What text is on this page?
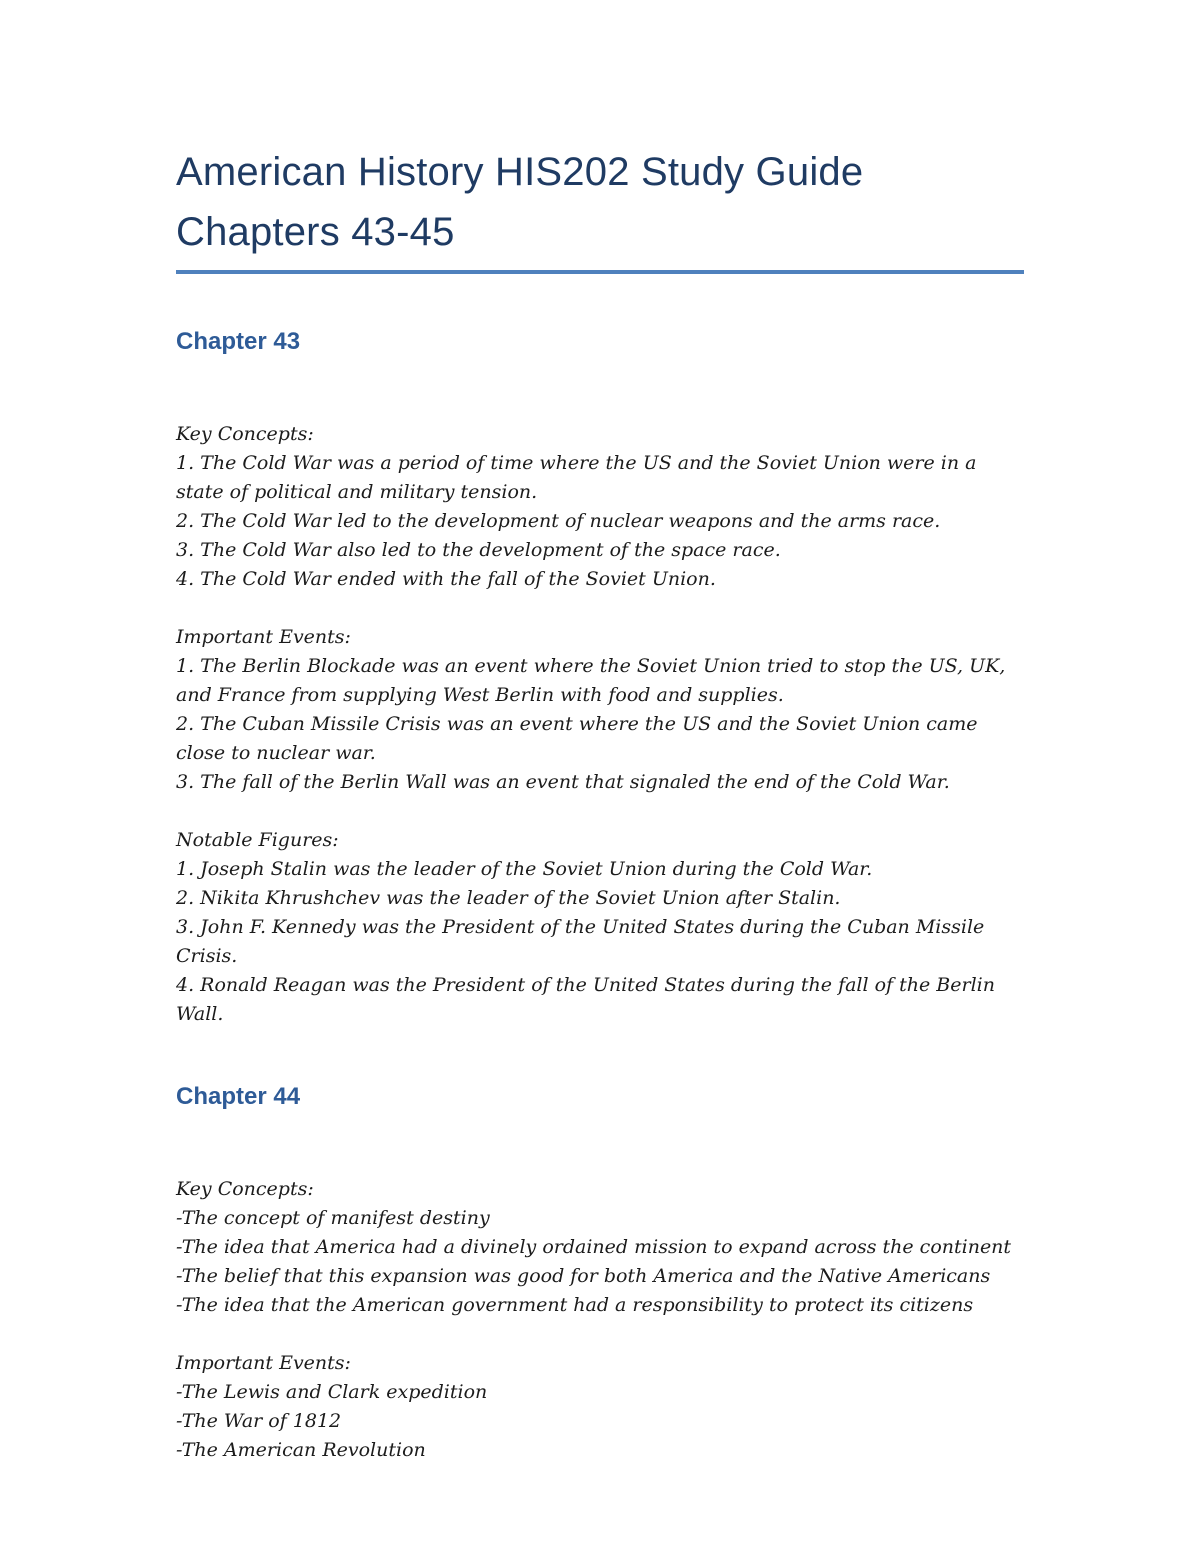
American History HIS202 Study Guide
Chapters 43-45
Chapter 43

Key Concepts:

1. The Cold War was a period of time where the US and the Soviet Union were in a state of political and military tension.

2. The Cold War led to the development of nuclear weapons and the arms race.

3. The Cold War also led to the development of the space race.

4. The Cold War ended with the fall of the Soviet Union.

Important Events:

1. The Berlin Blockade was an event where the Soviet Union tried to stop the US, UK, and France from supplying West Berlin with food and supplies.

2. The Cuban Missile Crisis was an event where the US and the Soviet Union came close to nuclear war.

3. The fall of the Berlin Wall was an event that signaled the end of the Cold War.

Notable Figures:

1. Joseph Stalin was the leader of the Soviet Union during the Cold War.

2. Nikita Khrushchev was the leader of the Soviet Union after Stalin.

3. John F. Kennedy was the President of the United States during the Cuban Missile Crisis.

4. Ronald Reagan was the President of the United States during the fall of the Berlin Wall.

Chapter 44

Key Concepts:

-The concept of manifest destiny

-The idea that America had a divinely ordained mission to expand across the continent

-The belief that this expansion was good for both America and the Native Americans

-The idea that the American government had a responsibility to protect its citizens

Important Events:

-The Lewis and Clark expedition

-The War of 1812

-The American Revolution
